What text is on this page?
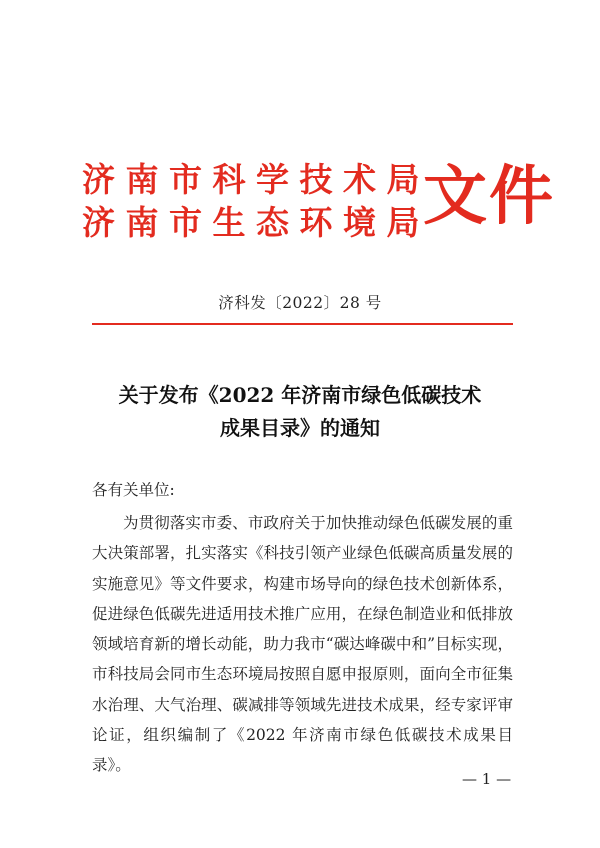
济南市科学技术局
济南市生态环境局
文件
济科发〔2022〕28 号
关于发布《2022 年济南市绿色低碳技术
成果目录》的通知
各有关单位:

为贯彻落实市委、市政府关于加快推动绿色低碳发展的重大决策部署，扎实落实《科技引领产业绿色低碳高质量发展的实施意见》等文件要求，构建市场导向的绿色技术创新体系，促进绿色低碳先进适用技术推广应用，在绿色制造业和低排放领域培育新的增长动能，助力我市“碳达峰碳中和”目标实现，市科技局会同市生态环境局按照自愿申报原则，面向全市征集水治理、大气治理、碳减排等领域先进技术成果，经专家评审论证，组织编制了《2022 年济南市绿色低碳技术成果目录》。

— 1 —
